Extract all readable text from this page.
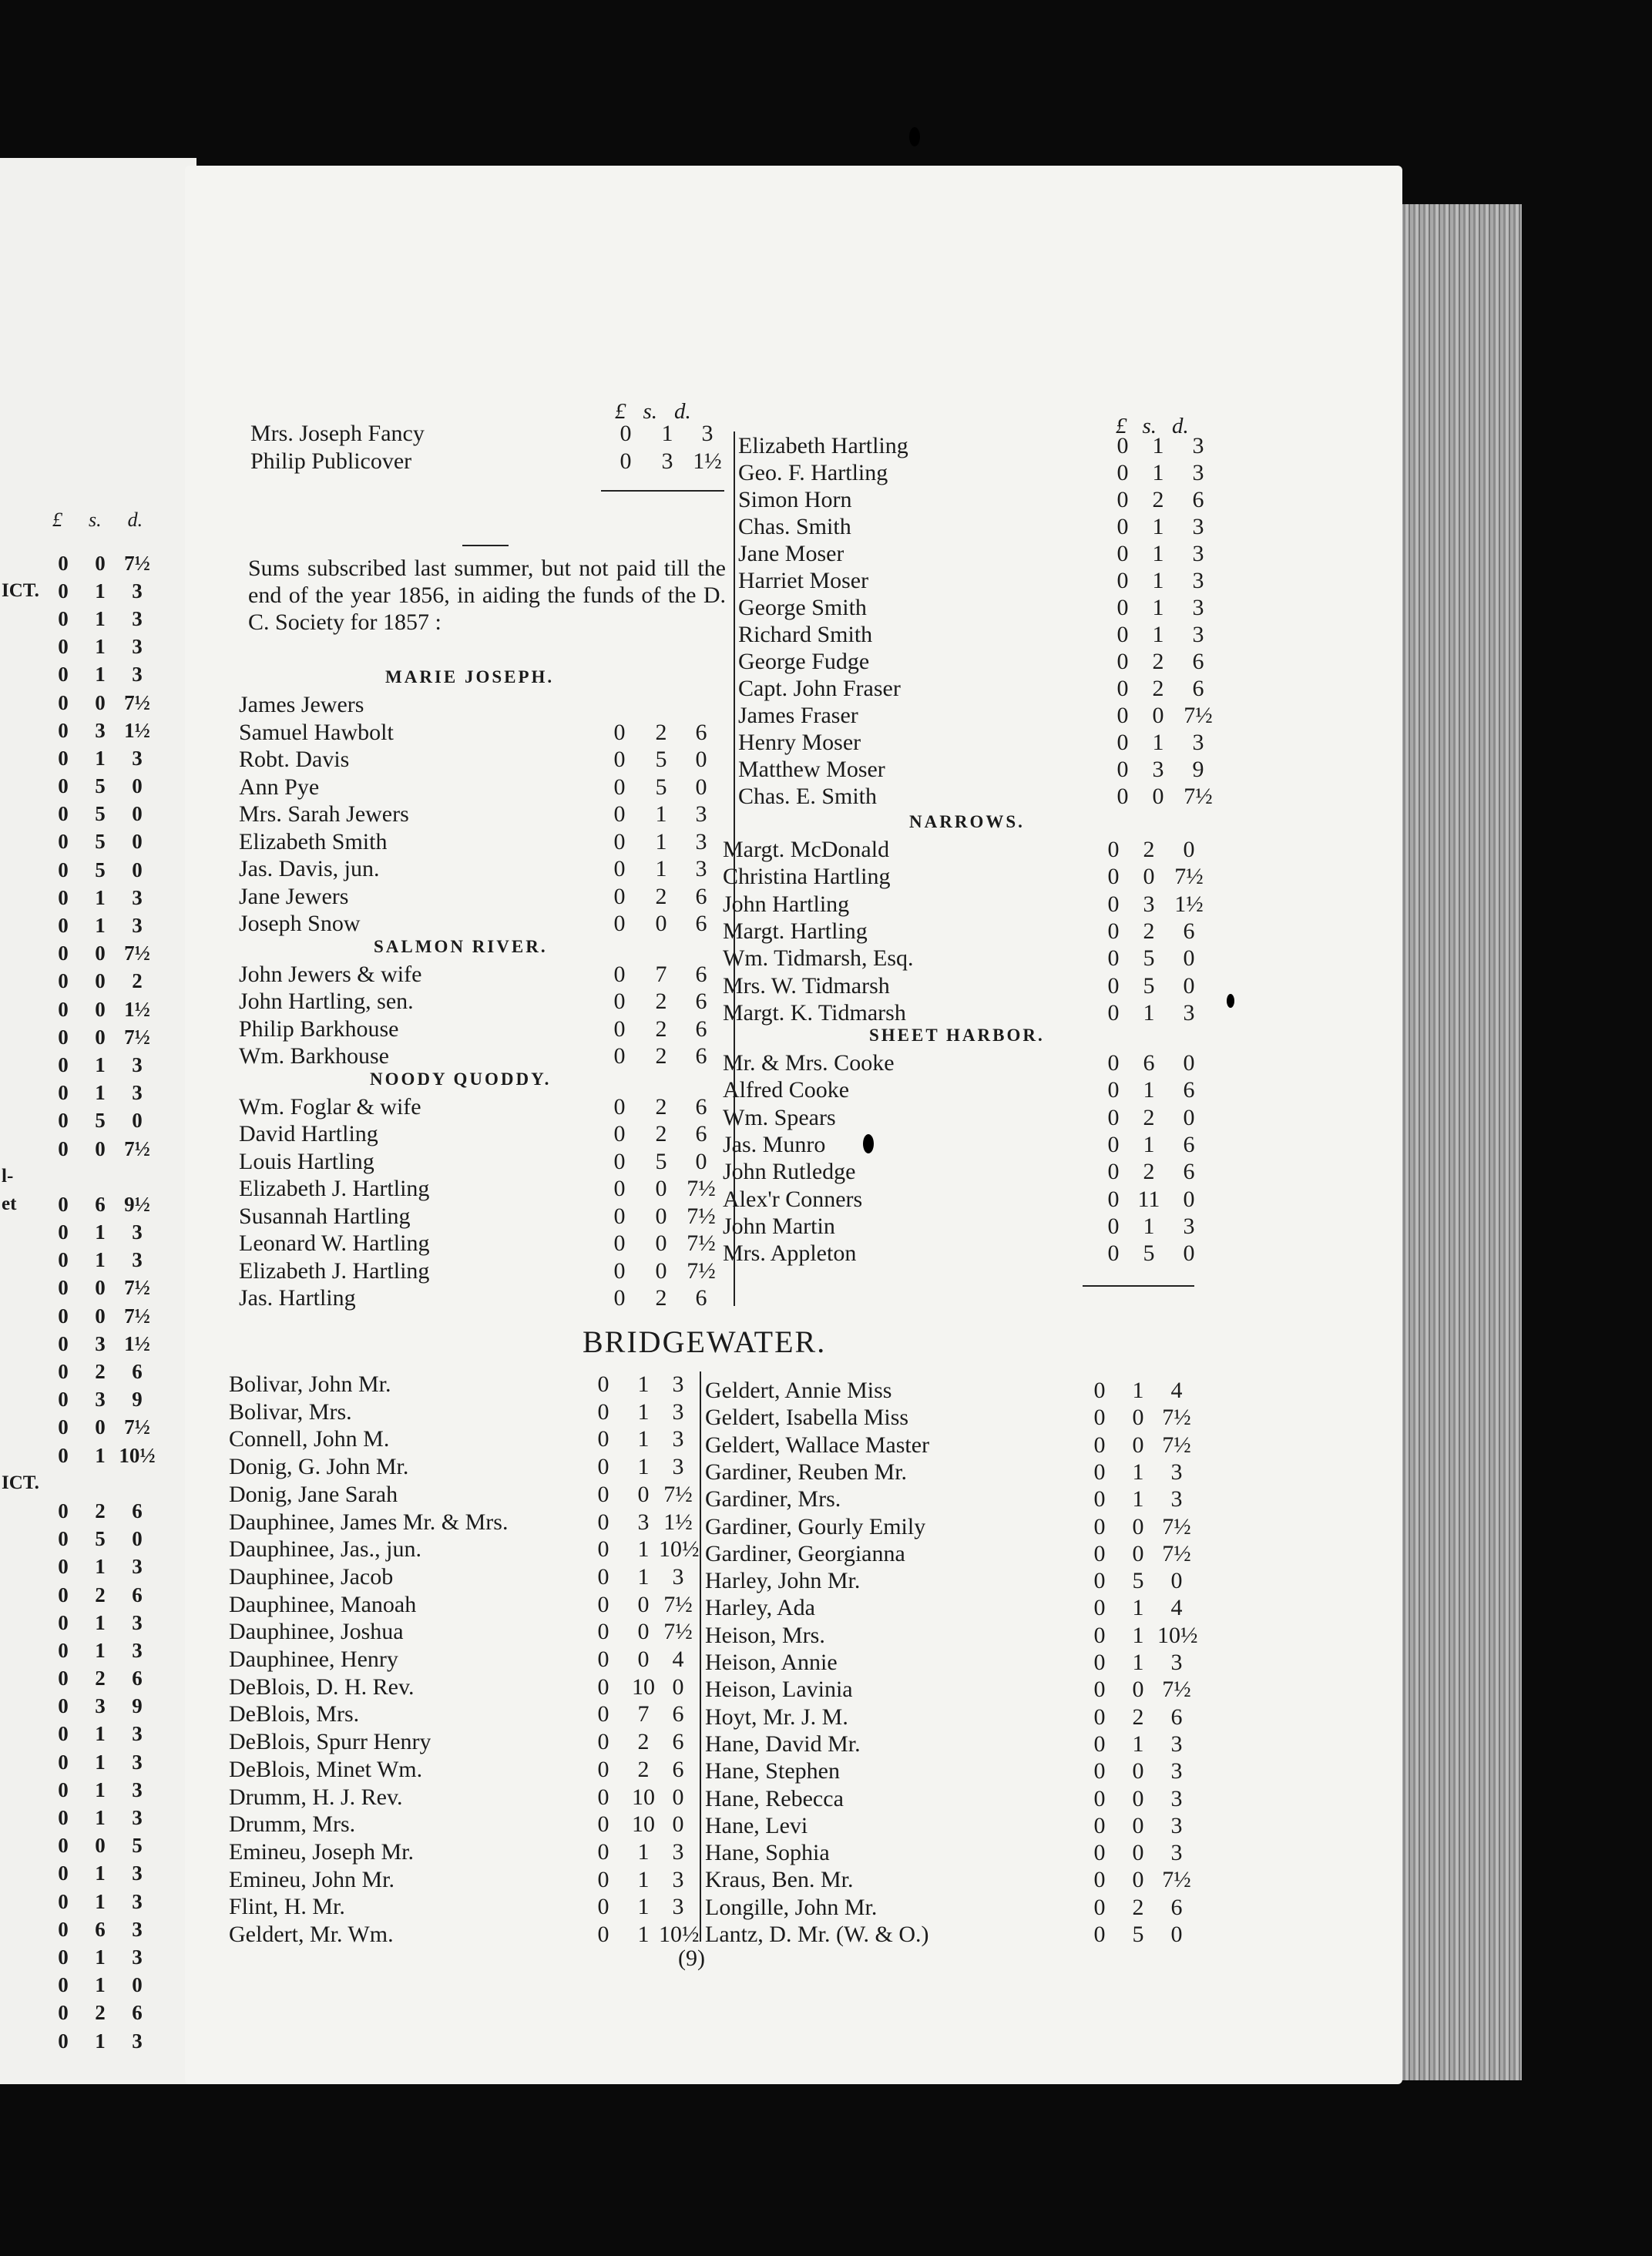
£ s. d.
0	0 7½
ICT. 0	1	3
0	1	3
0	1	3
0	1	3
0	0 7½
0	3 1½
0	1	3
0	5	0
0	5	0
0	5	0
0	5	0
0	1	3
0	1	3
0	0 7½
0	0	2
0	0 1½
0	0 7½
0	1	3
0	1	3
0	5	0
0	0 7½
l-
et	0	6 9½
0	1	3
0	1	3
0	0 7½
0	0 7½
0	3 1½
0	2	6
0	3	9
0	0 7½
0	1 10½
ICT.
0	2	6
0	5	0
0	1	3
0	2	6
0	1	3
0	1	3
0	2	6
0	3	9
0	1	3
0	1	3
0	1	3
0	1	3
0	0	5
0	1	3
0	1	3
0	6	3
0	1	3
0	1	0
0	2	6
0	1	3
£ s. d.
Mrs. Joseph Fancy	0	1	3
Philip Publicover	0	3 1½
Sums subscribed last summer, but not paid till the end of the year 1856, in aiding the funds of the D. C. Society for 1857 :
MARIE JOSEPH.
James Jewers
Samuel Hawbolt	0	2	6
Robt. Davis	0	5	0
Ann Pye	0	5	0
Mrs. Sarah Jewers	0	1	3
Elizabeth Smith	0	1	3
Jas. Davis, jun.	0	1	3
Jane Jewers	0	2	6
Joseph Snow	0	0	6
SALMON RIVER.
John Jewers & wife	0	7	6
John Hartling, sen.	0	2	6
Philip Barkhouse	0	2	6
Wm. Barkhouse	0	2	6
NOODY QUODDY.
Wm. Foglar & wife	0	2	6
David Hartling	0	2	6
Louis Hartling	0	5	0
Elizabeth J. Hartling	0	0 7½
Susannah Hartling	0	0 7½
Leonard W. Hartling	0	0 7½
Elizabeth J. Hartling	0	0 7½
Jas. Hartling	0	2	6
£ s. d.
Elizabeth Hartling	0	1	3
Geo. F. Hartling	0	1	3
Simon Horn	0	2	6
Chas. Smith	0	1	3
Jane Moser	0	1	3
Harriet Moser	0	1	3
George Smith	0	1	3
Richard Smith	0	1	3
George Fudge	0	2	6
Capt. John Fraser	0	2	6
James Fraser	0	0 7½
Henry Moser	0	1	3
Matthew Moser	0	3	9
Chas. E. Smith	0	0 7½
NARROWS.
Margt. McDonald	0	2	0
Christina Hartling	0	0 7½
John Hartling	0	3 1½
Margt. Hartling	0	2	6
Wm. Tidmarsh, Esq.	0	5	0
Mrs. W. Tidmarsh	0	5	0
Margt. K. Tidmarsh	0	1	3
SHEET HARBOR.
Mr. & Mrs. Cooke	0	6	0
Alfred Cooke	0	1	6
Wm. Spears	0	2	0
Jas. Munro	0	1	6
John Rutledge	0	2	6
Alex'r Conners	0 11	0
John Martin	0	1	3
Mrs. Appleton	0	5	0
BRIDGEWATER.
Bolivar, John Mr.	0	1	3
Bolivar, Mrs.	0	1	3
Connell, John M.	0	1	3
Donig, G. John Mr.	0	1	3
Donig, Jane Sarah	0	0 7½
Dauphinee, James Mr. & Mrs.	0	3 1½
Dauphinee, Jas., jun.	0	1 10½
Dauphinee, Jacob	0	1	3
Dauphinee, Manoah	0	0 7½
Dauphinee, Joshua	0	0 7½
Dauphinee, Henry	0	0	4
DeBlois, D. H. Rev.	0 10 0
DeBlois, Mrs.	0	7	6
DeBlois, Spurr Henry	0	2	6
DeBlois, Minet Wm.	0	2	6
Drumm, H. J. Rev.	0 10 0
Drumm, Mrs.	0 10 0
Emineu, Joseph Mr.	0	1	3
Emineu, John Mr.	0	1	3
Flint, H. Mr.	0	1	3
Geldert, Mr. Wm.	0	1 10½
Geldert, Annie Miss	0	1	4
Geldert, Isabella Miss	0	0 7½
Geldert, Wallace Master	0	0 7½
Gardiner, Reuben Mr.	0	1	3
Gardiner, Mrs.	0	1	3
Gardiner, Gourly Emily	0	0 7½
Gardiner, Georgianna	0	0 7½
Harley, John Mr.	0	5	0
Harley, Ada	0	1	4
Heison, Mrs.	0	1 10½
Heison, Annie	0	1	3
Heison, Lavinia	0	0 7½
Hoyt, Mr. J. M.	0	2	6
Hane, David Mr.	0	1	3
Hane, Stephen	0	0	3
Hane, Rebecca	0	0	3
Hane, Levi	0	0	3
Hane, Sophia	0	0	3
Kraus, Ben. Mr.	0	0 7½
Longille, John Mr.	0	2	6
Lantz, D. Mr. (W. & O.)	0	5	0
(9)
